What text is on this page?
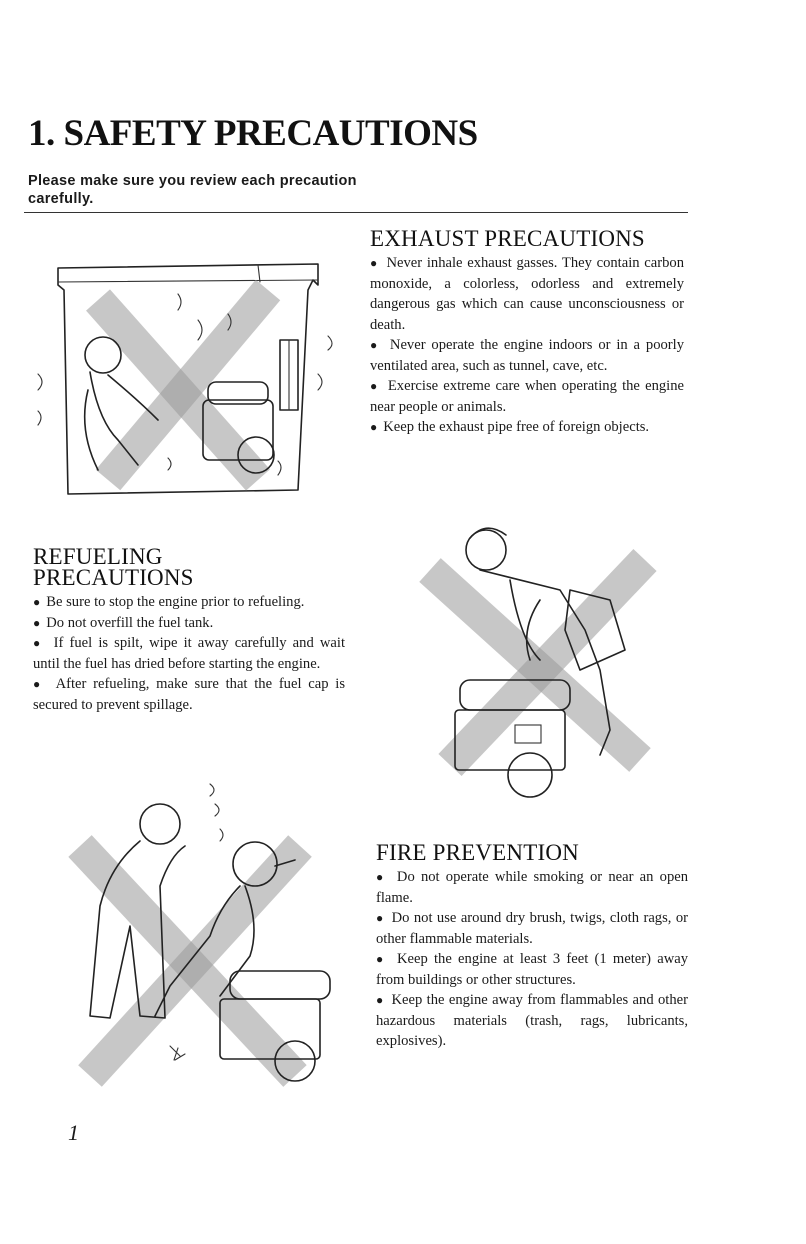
1. SAFETY PRECAUTIONS
Please make sure you review each precaution carefully.
EXHAUST PRECAUTIONS
●  Never inhale exhaust gasses. They contain carbon monoxide, a colorless, odorless and extremely dangerous gas which can cause unconsciousness or death.
●  Never operate the engine indoors or in a poorly ventilated area, such as tunnel, cave, etc.
●  Exercise extreme care when operating the engine near people or animals.
●  Keep the exhaust pipe free of foreign objects.
REFUELING
PRECAUTIONS
●  Be sure to stop the engine prior to refueling.
●  Do not overfill the fuel tank.
●  If fuel is spilt, wipe it away carefully and wait until the fuel has dried before starting the engine.
●  After refueling, make sure that the fuel cap is secured to prevent spillage.
FIRE PREVENTION
●  Do not operate while smoking or near an open flame.
●  Do not use around dry brush, twigs, cloth rags, or other flammable materials.
●  Keep the engine at least 3 feet (1 meter) away from buildings or other structures.
●  Keep the engine away from flammables and other hazardous materials (trash, rags, lubricants, explosives).
1
